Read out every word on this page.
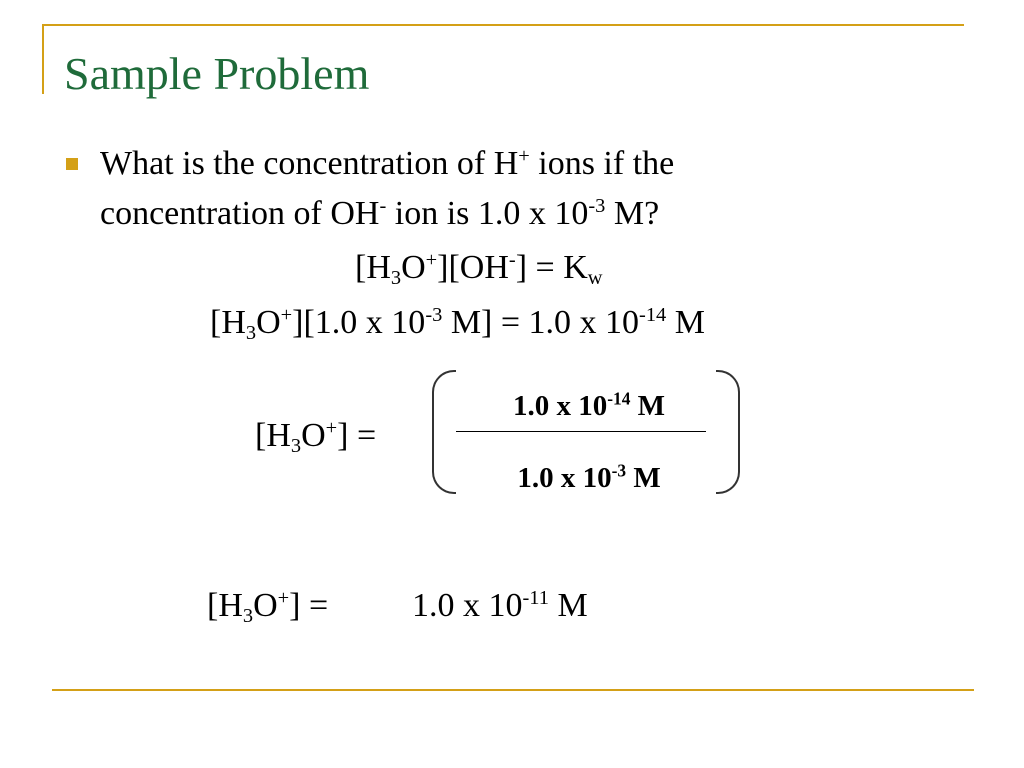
Sample Problem
What is the concentration of H+ ions if the
concentration of OH- ion is 1.0 x $10^{-3}$ M?
$[H_3O^+][OH^-] = K_w$
$[H_3O^+][1.0$ x $10^{-3}$ M] = 1.0 x $10^{-14}$ M
$[H_3O^+]$ =
1.0 x $10^{-14}$ M
1.0 x $10^{-3}$ M
$[H_3O^+] = 1.0$ x $10^{-11}$ M
